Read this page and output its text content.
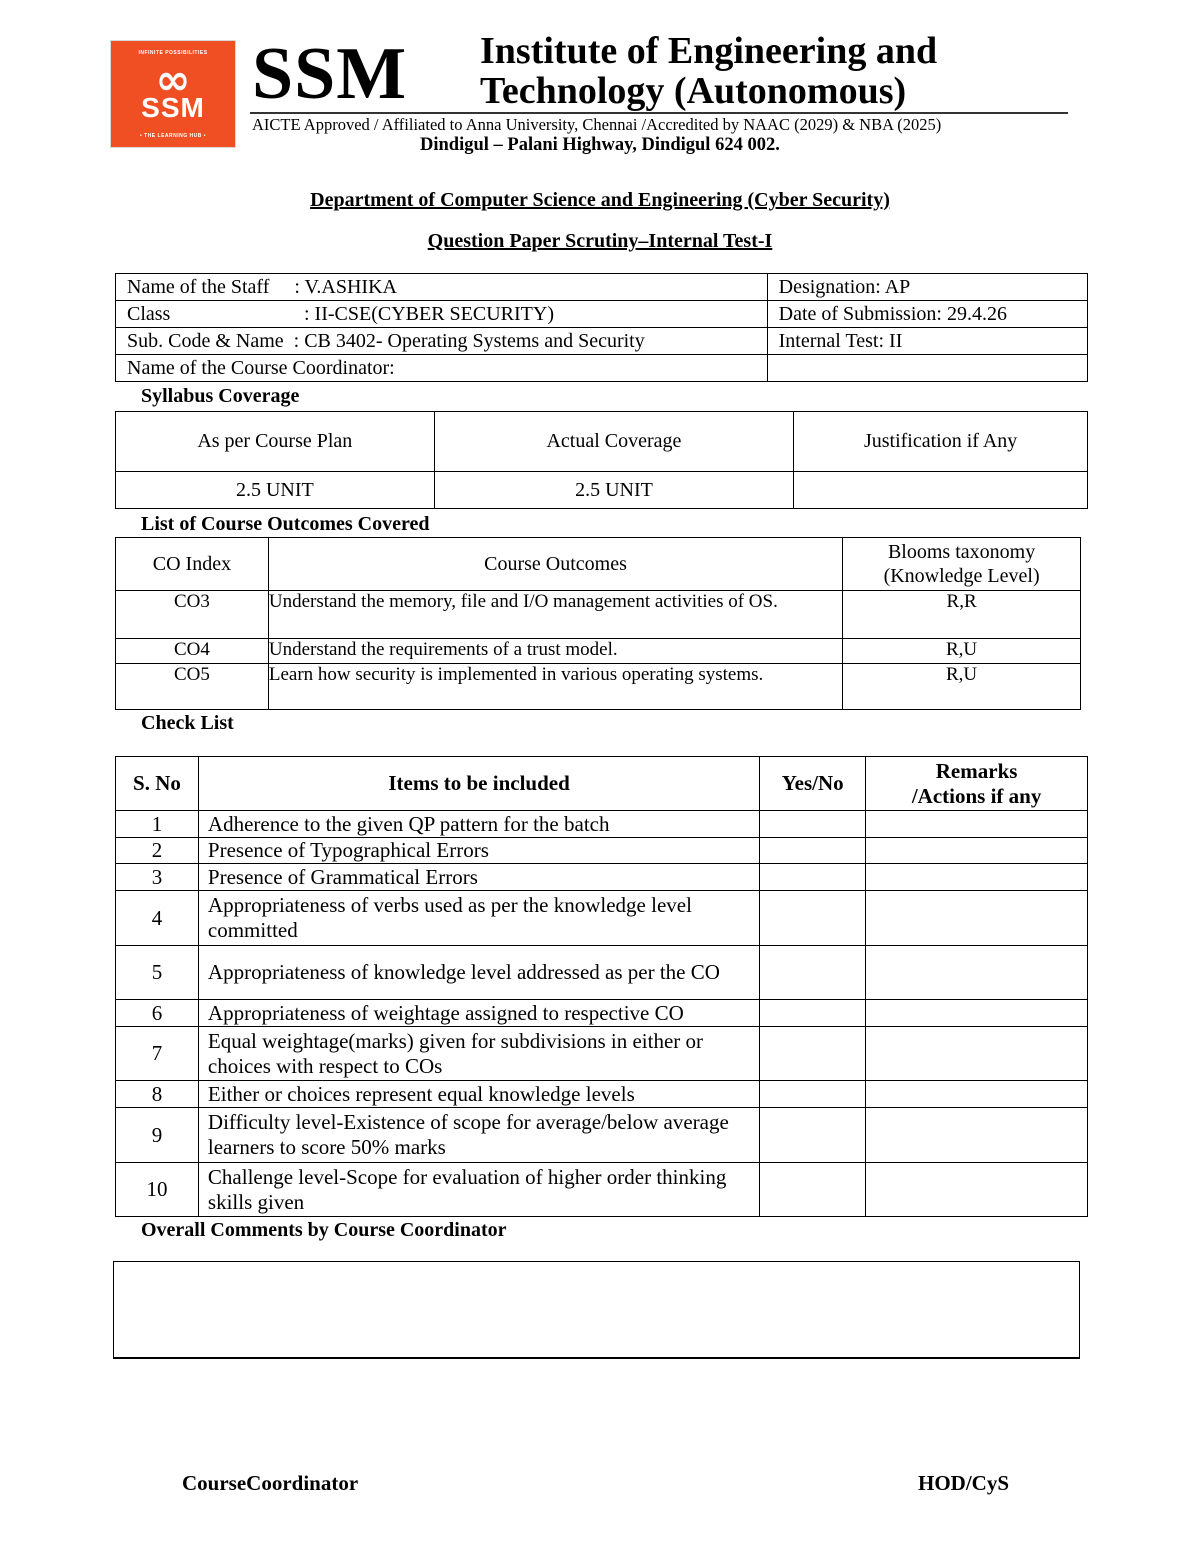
INFINITE POSSIBILITIES
∞
SSM
• THE LEARNING HUB •
SSM Institute of Engineering and
Technology (Autonomous)
AICTE Approved / Affiliated to Anna University, Chennai /Accredited by NAAC (2029) & NBA (2025)
Dindigul – Palani Highway, Dindigul 624 002.
Department of Computer Science and Engineering (Cyber Security)
Question Paper Scrutiny–Internal Test-I
Name of the Staff     : V.ASHIKA	Designation: AP
Class : II-CSE(CYBER SECURITY)	Date of Submission: 29.4.26
Sub. Code & Name  : CB 3402- Operating Systems and Security	Internal Test: II
Name of the Course Coordinator:	
Syllabus Coverage
As per Course Plan	Actual Coverage	Justification if Any
2.5 UNIT	2.5 UNIT	
List of Course Outcomes Covered
CO Index	Course Outcomes	Blooms taxonomy
(Knowledge Level)

CO3	Understand the memory, file and I/O management activities of OS.	R,R
CO4	Understand the requirements of a trust model.	R,U
CO5	Learn how security is implemented in various operating systems.	R,U
Check List
S. No	Items to be included	Yes/No	Remarks
/Actions if any

1	Adherence to the given QP pattern for the batch		
2	Presence of Typographical Errors		
3	Presence of Grammatical Errors		
4	Appropriateness of verbs used as per the knowledge level committed		
5	Appropriateness of knowledge level addressed as per the CO		
6	Appropriateness of weightage assigned to respective CO		
7	Equal weightage(marks) given for subdivisions in either or choices with respect to COs		
8	Either or choices represent equal knowledge levels		
9	Difficulty level-Existence of scope for average/below average learners to score 50% marks		
10	Challenge level-Scope for evaluation of higher order thinking skills given		
Overall Comments by Course Coordinator
CourseCoordinator	HOD/CyS
